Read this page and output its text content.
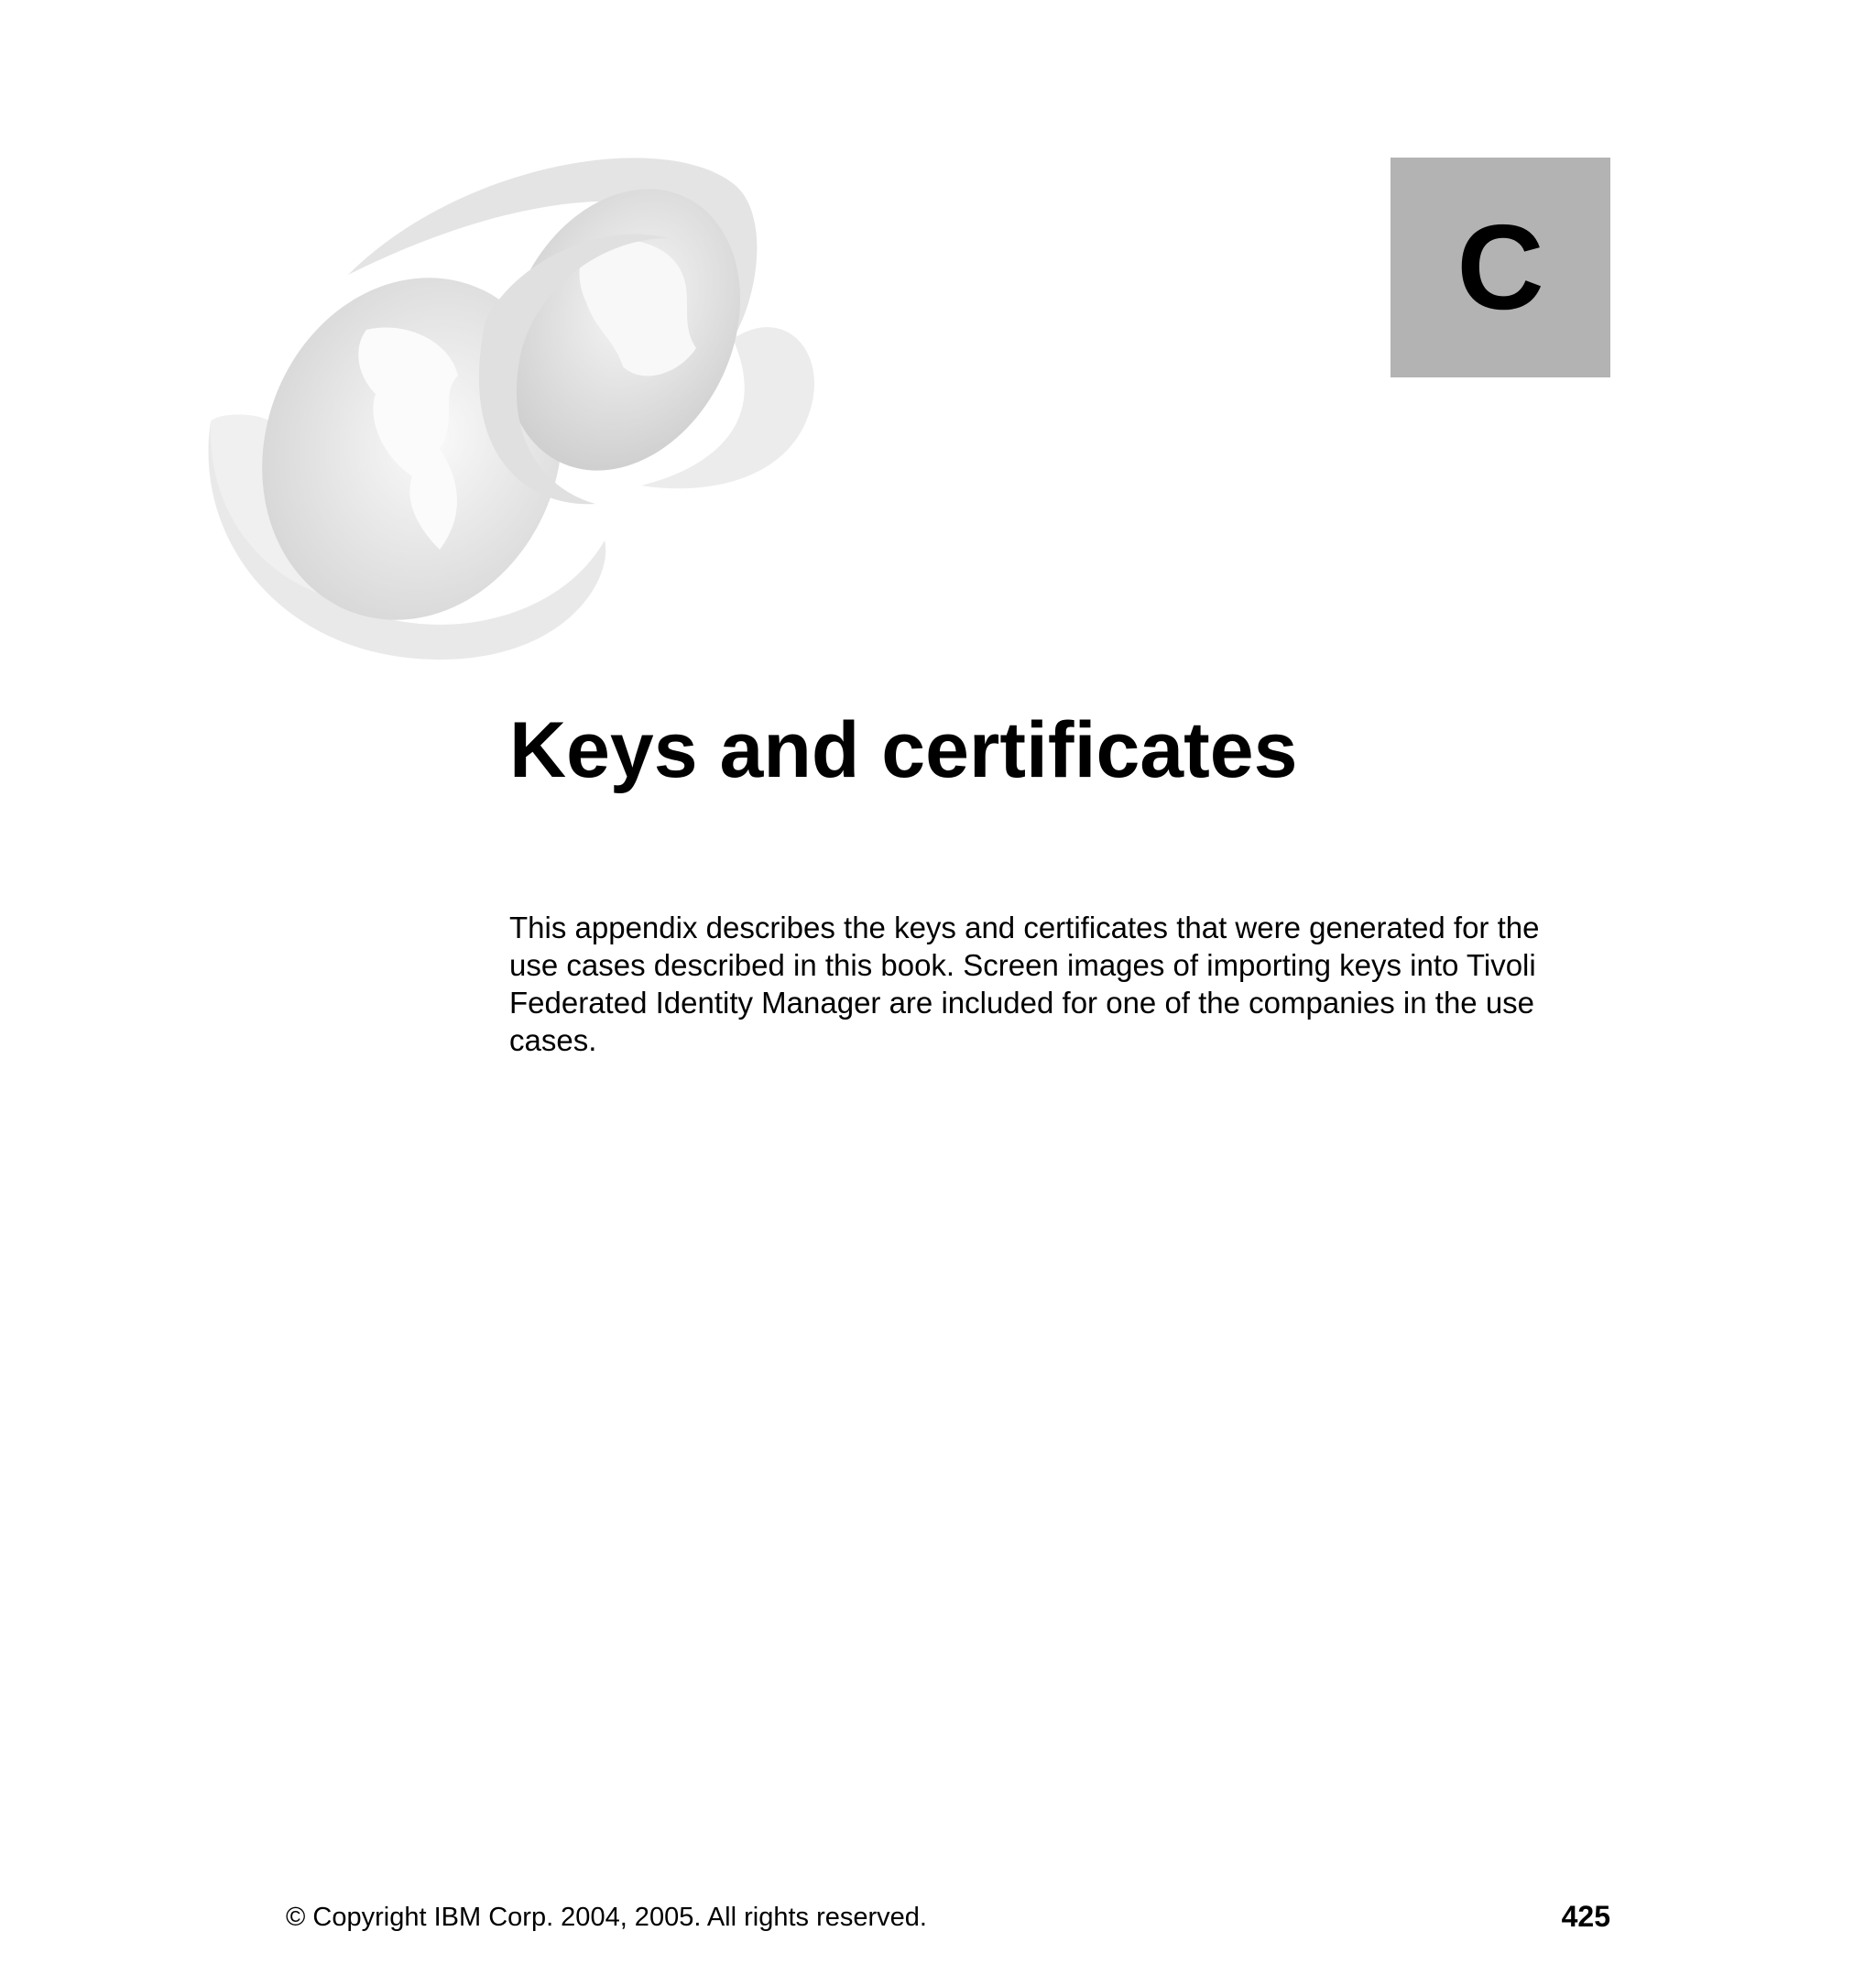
C
Keys and certificates

This appendix describes the keys and certificates that were generated for the use cases described in this book. Screen images of importing keys into Tivoli Federated Identity Manager are included for one of the companies in the use cases.

© Copyright IBM Corp. 2004, 2005. All rights reserved.	425
